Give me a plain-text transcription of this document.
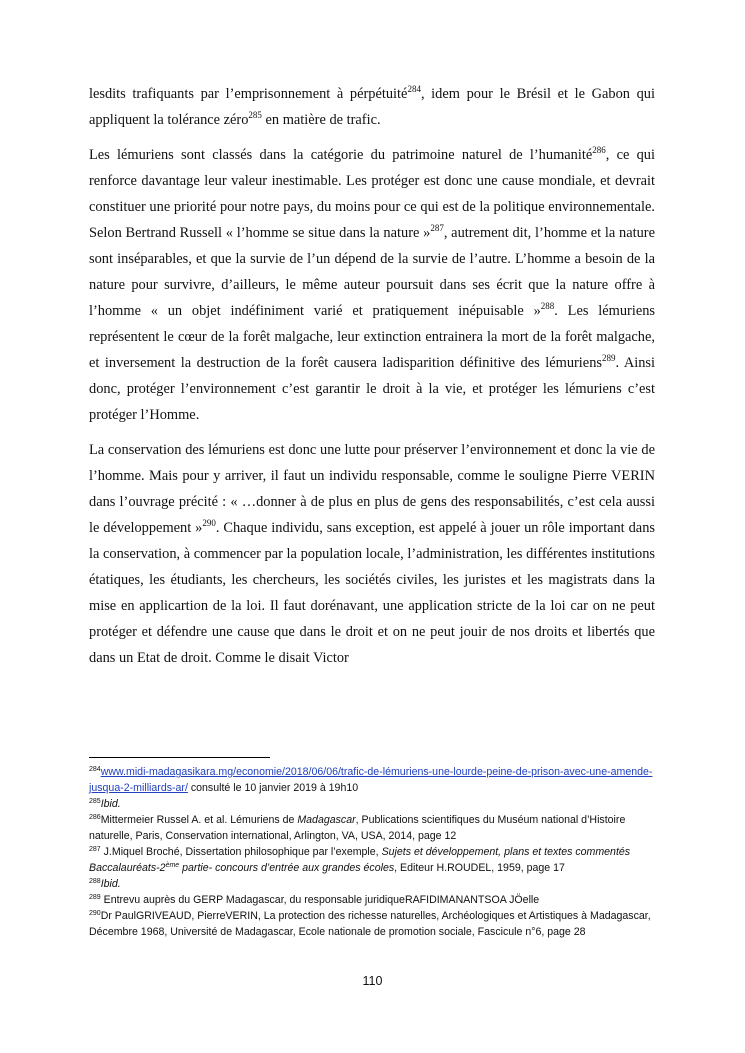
lesdits trafiquants par l’emprisonnement à pérpétuité$^{284}$, idem pour le Brésil et le Gabon qui appliquent la tolérance zéro$^{285}$ en matière de trafic.

Les lémuriens sont classés dans la catégorie du patrimoine naturel de l’humanité$^{286}$, ce qui renforce davantage leur valeur inestimable. Les protéger est donc une cause mondiale, et devrait constituer une priorité pour notre pays, du moins pour ce qui est de la politique environnementale. Selon Bertrand Russell « l’homme se situe dans la nature »$^{287}$, autrement dit, l’homme et la nature sont inséparables, et que la survie de l’un dépend de la survie de l’autre. L’homme a besoin de la nature pour survivre, d’ailleurs, le même auteur poursuit dans ses écrit que la nature offre à l’homme « un objet indéfiniment varié et pratiquement inépuisable »$^{288}$. Les lémuriens représentent le cœur de la forêt malgache, leur extinction entrainera la mort de la forêt malgache, et inversement la destruction de la forêt causera ladisparition définitive des lémuriens$^{289}$. Ainsi donc, protéger l’environnement c’est garantir le droit à la vie, et protéger les lémuriens c’est protéger l’Homme.

La conservation des lémuriens est donc une lutte pour préserver l’environnement et donc la vie de l’homme. Mais pour y arriver, il faut un individu responsable, comme le souligne Pierre VERIN dans l’ouvrage précité : « …donner à de plus en plus de gens des responsabilités, c’est cela aussi le développement »$^{290}$. Chaque individu, sans exception, est appelé à jouer un rôle important dans la conservation, à commencer par la population locale, l’administration, les différentes institutions étatiques, les étudiants, les chercheurs, les sociétés civiles, les juristes et les magistrats dans la mise en applicartion de la loi. Il faut dorénavant, une application stricte de la loi car on ne peut protéger et défendre une cause que dans le droit et on ne peut jouir de nos droits et libertés que dans un Etat de droit. Comme le disait Victor

$^{284}$www.midi-madagasikara.mg/economie/2018/06/06/trafic-de-lémuriens-une-lourde-peine-de-prison-avec-une-amende-jusqua-2-milliards-ar/ consulté le 10 janvier 2019 à 19h10
$^{285}$Ibid.
$^{286}$Mittermeier Russel A. et al. Lémuriens de Madagascar, Publications scientifiques du Muséum national d’Histoire naturelle, Paris, Conservation international, Arlington, VA, USA, 2014, page 12
$^{287}$ J.Miquel Broché, Dissertation philosophique par l’exemple, Sujets et développement, plans et textes commentés Baccalauréats-2ème partie- concours d’entrée aux grandes écoles, Editeur H.ROUDEL, 1959, page 17
$^{288}$Ibid.
$^{289}$ Entrevu auprès du GERP Madagascar, du responsable juridiqueRAFIDIMANANTSOA JÖelle
$^{290}$Dr PaulGRIVEAUD, PierreVERIN, La protection des richesse naturelles, Archéologiques et Artistiques à Madagascar, Décembre 1968, Université de Madagascar, Ecole nationale de promotion sociale, Fascicule n°6, page 28
110
